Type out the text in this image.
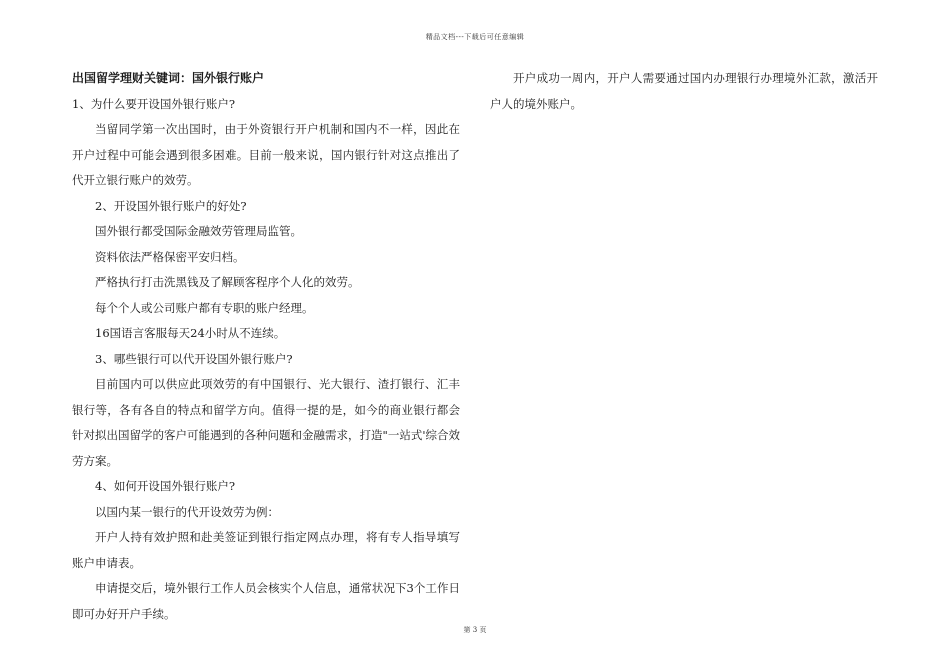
精品文档---下载后可任意编辑
出国留学理财关键词：国外银行账户

1、为什么要开设国外银行账户?

当留同学第一次出国时，由于外资银行开户机制和国内不一样，因此在开户过程中可能会遇到很多困难。目前一般来说，国内银行针对这点推出了代开立银行账户的效劳。

2、开设国外银行账户的好处?

国外银行都受国际金融效劳管理局监管。

资料依法严格保密平安归档。

严格执行打击洗黑钱及了解顾客程序个人化的效劳。

每个个人或公司账户都有专职的账户经理。

16国语言客服每天24小时从不连续。

3、哪些银行可以代开设国外银行账户?

目前国内可以供应此项效劳的有中国银行、光大银行、渣打银行、汇丰银行等，各有各自的特点和留学方向。值得一提的是，如今的商业银行都会针对拟出国留学的客户可能遇到的各种问题和金融需求，打造"一站式'综合效劳方案。

4、如何开设国外银行账户?

以国内某一银行的代开设效劳为例：

开户人持有效护照和赴美签证到银行指定网点办理，将有专人指导填写账户申请表。

申请提交后，境外银行工作人员会核实个人信息，通常状况下3个工作日即可办好开户手续。

开户成功一周内，开户人需要通过国内办理银行办理境外汇款，激活开户人的境外账户。

第 3 页
